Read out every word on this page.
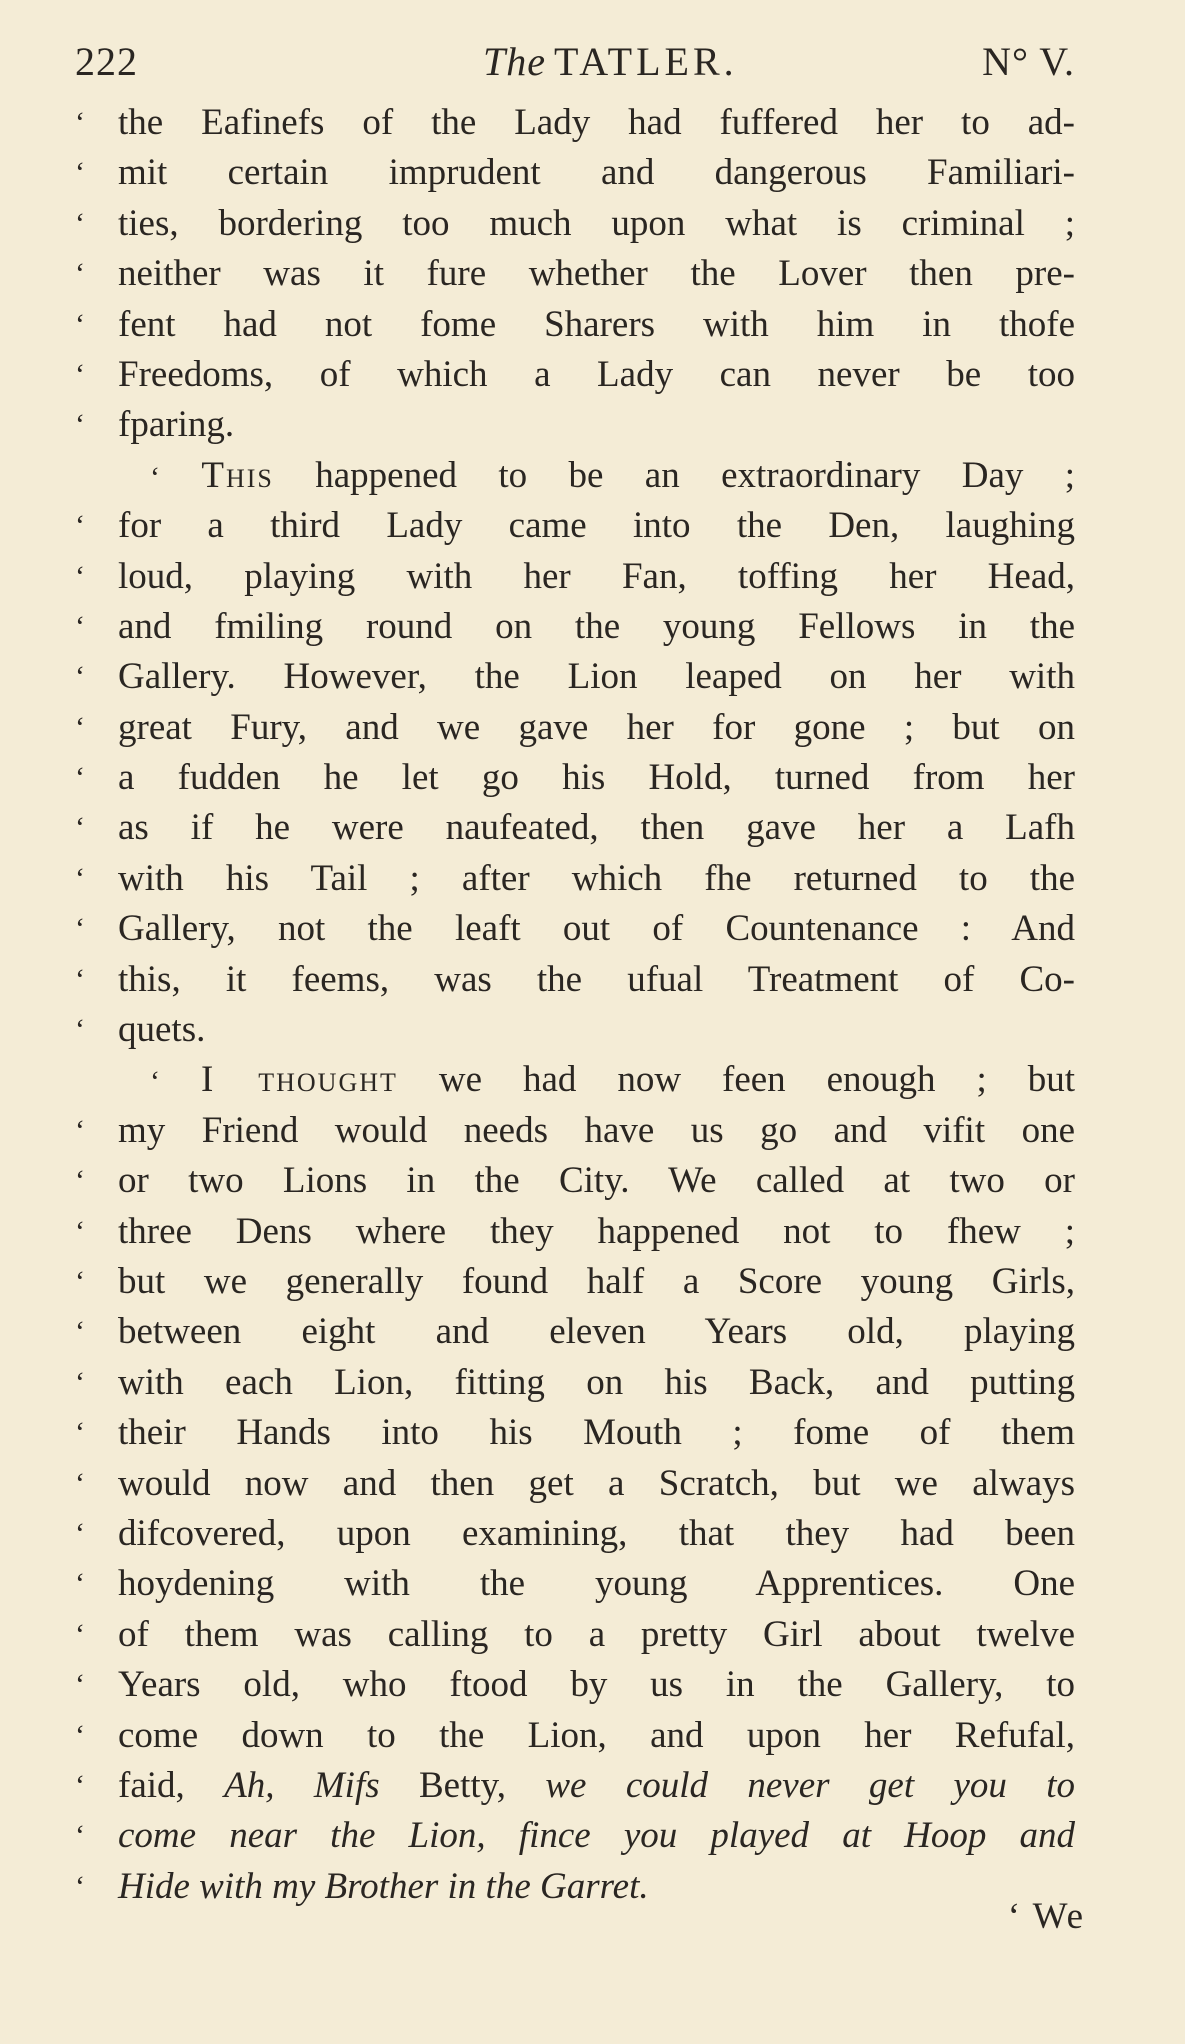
222	The TATLER.	N° V.
‘ the Eafinefs of the Lady had fuffered her to ad-
‘ mit certain imprudent and dangerous Familiari-
‘ ties, bordering too much upon what is criminal ;
‘ neither was it fure whether the Lover then pre-
‘ fent had not fome Sharers with him in thofe
‘ Freedoms, of which a Lady can never be too
‘ fparing.
‘ This happened to be an extraordinary Day ;
‘ for a third Lady came into the Den, laughing
‘ loud, playing with her Fan, toffing her Head,
‘ and fmiling round on the young Fellows in the
‘ Gallery. However, the Lion leaped on her with
‘ great Fury, and we gave her for gone ; but on
‘ a fudden he let go his Hold, turned from her
‘ as if he were naufeated, then gave her a Lafh
‘ with his Tail ; after which fhe returned to the
‘ Gallery, not the leaft out of Countenance : And
‘ this, it feems, was the ufual Treatment of Co-
‘ quets.
‘ I thought we had now feen enough ; but
‘ my Friend would needs have us go and vifit one
‘ or two Lions in the City. We called at two or
‘ three Dens where they happened not to fhew ;
‘ but we generally found half a Score young Girls,
‘ between eight and eleven Years old, playing
‘ with each Lion, fitting on his Back, and putting
‘ their Hands into his Mouth ; fome of them
‘ would now and then get a Scratch, but we always
‘ difcovered, upon examining, that they had been
‘ hoydening with the young Apprentices. One
‘ of them was calling to a pretty Girl about twelve
‘ Years old, who ftood by us in the Gallery, to
‘ come down to the Lion, and upon her Refufal,
‘ faid, Ah, Mifs Betty, we could never get you to
‘ come near the Lion, fince you played at Hoop and
‘ Hide with my Brother in the Garret.
‘ We
